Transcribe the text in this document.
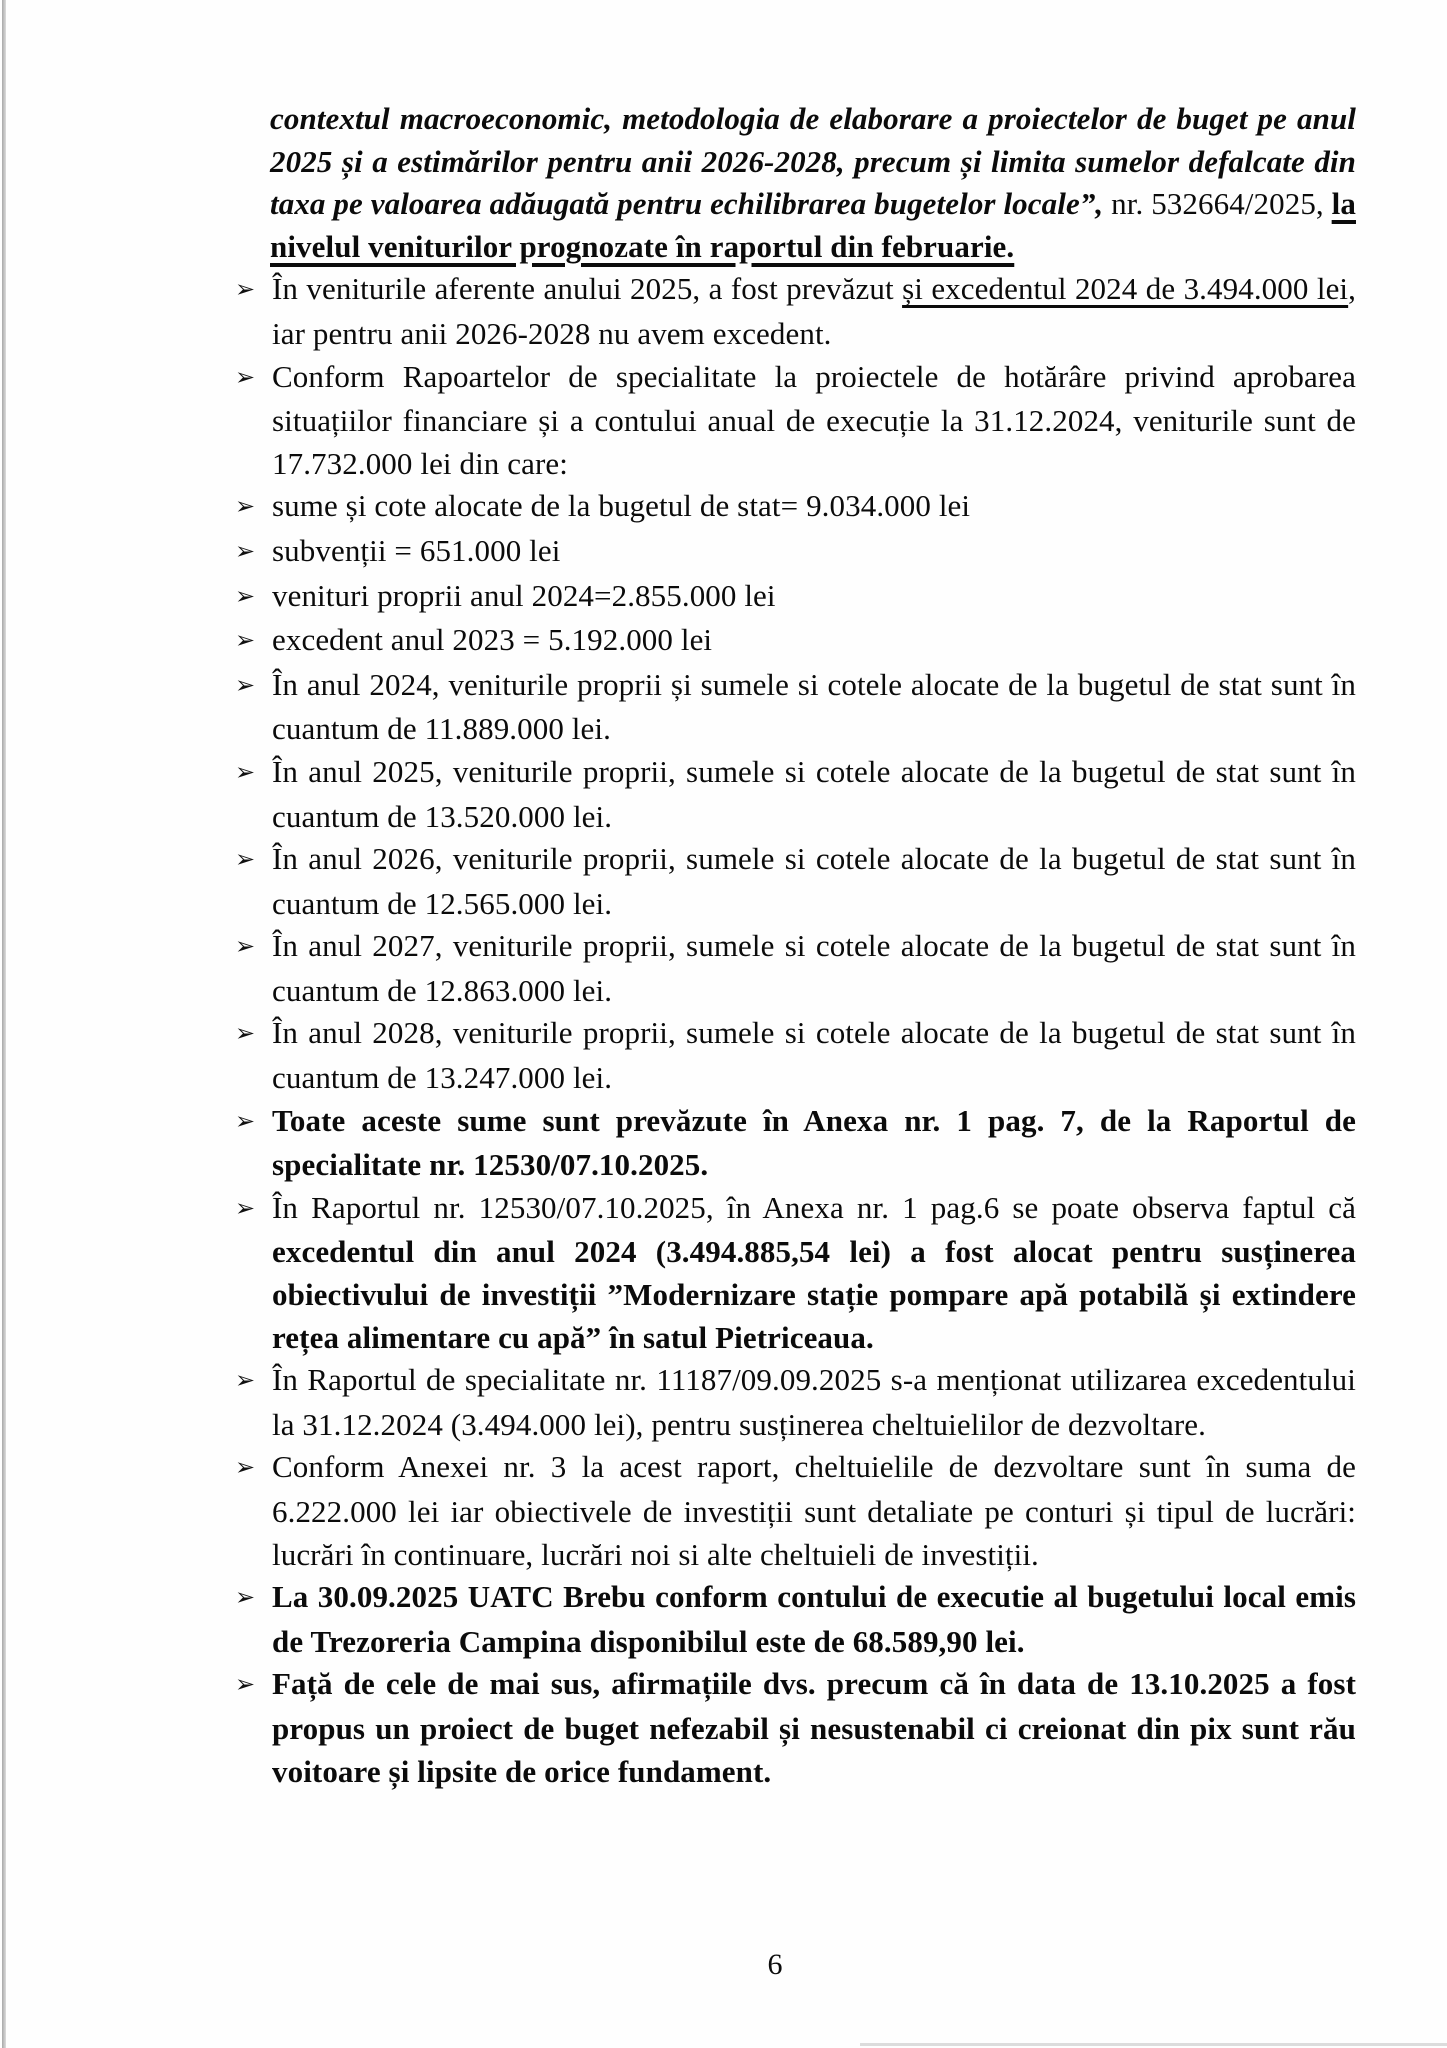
contextul macroeconomic, metodologia de elaborare a proiectelor de buget pe anul 2025 și a estimărilor pentru anii 2026-2028, precum și limita sumelor defalcate din taxa pe valoarea adăugată pentru echilibrarea bugetelor locale”, nr. 532664/2025, la nivelul veniturilor prognozate în raportul din februarie.

➢ În veniturile aferente anului 2025, a fost prevăzut și excedentul 2024 de 3.494.000 lei, iar pentru anii 2026-2028 nu avem excedent.
➢ Conform Rapoartelor de specialitate la proiectele de hotărâre privind aprobarea situațiilor financiare și a contului anual de execuție la 31.12.2024, veniturile sunt de 17.732.000 lei din care:
➢ sume și cote alocate de la bugetul de stat= 9.034.000 lei
➢ subvenții = 651.000 lei
➢ venituri proprii anul 2024=2.855.000 lei
➢ excedent anul 2023 = 5.192.000 lei
➢ În anul 2024, veniturile proprii și sumele si cotele alocate de la bugetul de stat sunt în cuantum de 11.889.000 lei.
➢ În anul 2025, veniturile proprii, sumele si cotele alocate de la bugetul de stat sunt în cuantum de 13.520.000 lei.
➢ În anul 2026, veniturile proprii, sumele si cotele alocate de la bugetul de stat sunt în cuantum de 12.565.000 lei.
➢ În anul 2027, veniturile proprii, sumele si cotele alocate de la bugetul de stat sunt în cuantum de 12.863.000 lei.
➢ În anul 2028, veniturile proprii, sumele si cotele alocate de la bugetul de stat sunt în cuantum de 13.247.000 lei.
➢ Toate aceste sume sunt prevăzute în Anexa nr. 1 pag. 7, de la Raportul de specialitate nr. 12530/07.10.2025.
➢ În Raportul nr. 12530/07.10.2025, în Anexa nr. 1 pag.6 se poate observa faptul că excedentul din anul 2024 (3.494.885,54 lei) a fost alocat pentru susținerea obiectivului de investiții ”Modernizare stație pompare apă potabilă și extindere rețea alimentare cu apă” în satul Pietriceaua.
➢ În Raportul de specialitate nr. 11187/09.09.2025 s-a menționat utilizarea excedentului la 31.12.2024 (3.494.000 lei), pentru susținerea cheltuielilor de dezvoltare.
➢ Conform Anexei nr. 3 la acest raport, cheltuielile de dezvoltare sunt în suma de 6.222.000 lei iar obiectivele de investiții sunt detaliate pe conturi și tipul de lucrări: lucrări în continuare, lucrări noi si alte cheltuieli de investiții.
➢ La 30.09.2025 UATC Brebu conform contului de executie al bugetului local emis de Trezoreria Campina disponibilul este de 68.589,90 lei.
➢ Față de cele de mai sus, afirmațiile dvs. precum că în data de 13.10.2025 a fost propus un proiect de buget nefezabil și nesustenabil ci creionat din pix sunt rău voitoare și lipsite de orice fundament.
6
